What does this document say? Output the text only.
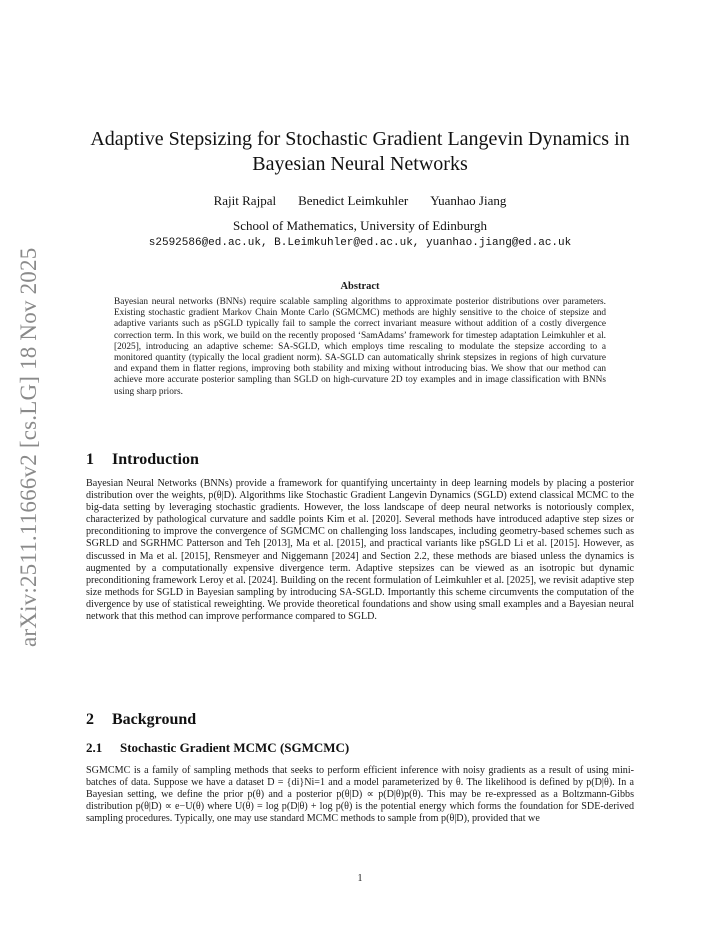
arXiv:2511.11666v2 [cs.LG] 18 Nov 2025
Adaptive Stepsizing for Stochastic Gradient Langevin Dynamics in Bayesian Neural Networks
Rajit Rajpal Benedict Leimkuhler Yuanhao Jiang
School of Mathematics, University of Edinburgh
s2592586@ed.ac.uk, B.Leimkuhler@ed.ac.uk, yuanhao.jiang@ed.ac.uk
Abstract
Bayesian neural networks (BNNs) require scalable sampling algorithms to approximate posterior distributions over parameters. Existing stochastic gradient Markov Chain Monte Carlo (SGMCMC) methods are highly sensitive to the choice of stepsize and adaptive variants such as pSGLD typically fail to sample the correct invariant measure without addition of a costly divergence correction term. In this work, we build on the recently proposed ‘SamAdams’ framework for timestep adaptation Leimkuhler et al. [2025], introducing an adaptive scheme: SA-SGLD, which employs time rescaling to modulate the stepsize according to a monitored quantity (typically the local gradient norm). SA-SGLD can automatically shrink stepsizes in regions of high curvature and expand them in flatter regions, improving both stability and mixing without introducing bias. We show that our method can achieve more accurate posterior sampling than SGLD on high-curvature 2D toy examples and in image classification with BNNs using sharp priors.
1 Introduction
Bayesian Neural Networks (BNNs) provide a framework for quantifying uncertainty in deep learning models by placing a posterior distribution over the weights, p(θ|D). Algorithms like Stochastic Gradient Langevin Dynamics (SGLD) extend classical MCMC to the big-data setting by leveraging stochastic gradients. However, the loss landscape of deep neural networks is notoriously complex, characterized by pathological curvature and saddle points Kim et al. [2020]. Several methods have introduced adaptive step sizes or preconditioning to improve the convergence of SGMCMC on challenging loss landscapes, including geometry-based schemes such as SGRLD and SGRHMC Patterson and Teh [2013], Ma et al. [2015], and practical variants like pSGLD Li et al. [2015]. However, as discussed in Ma et al. [2015], Rensmeyer and Niggemann [2024] and Section 2.2, these methods are biased unless the dynamics is augmented by a computationally expensive divergence term. Adaptive stepsizes can be viewed as an isotropic but dynamic preconditioning framework Leroy et al. [2024]. Building on the recent formulation of Leimkuhler et al. [2025], we revisit adaptive step size methods for SGLD in Bayesian sampling by introducing SA-SGLD. Importantly this scheme circumvents the computation of the divergence by use of statistical reweighting. We provide theoretical foundations and show using small examples and a Bayesian neural network that this method can improve performance compared to SGLD.
2 Background
2.1 Stochastic Gradient MCMC (SGMCMC)
SGMCMC is a family of sampling methods that seeks to perform efficient inference with noisy gradients as a result of using mini-batches of data. Suppose we have a dataset D = {di}Ni=1 and a model parameterized by θ. The likelihood is defined by p(D|θ). In a Bayesian setting, we define the prior p(θ) and a posterior p(θ|D) ∝ p(D|θ)p(θ). This may be re-expressed as a Boltzmann-Gibbs distribution p(θ|D) ∝ e−U(θ) where U(θ) = log p(D|θ) + log p(θ) is the potential energy which forms the foundation for SDE-derived sampling procedures. Typically, one may use standard MCMC methods to sample from p(θ|D), provided that we
1
